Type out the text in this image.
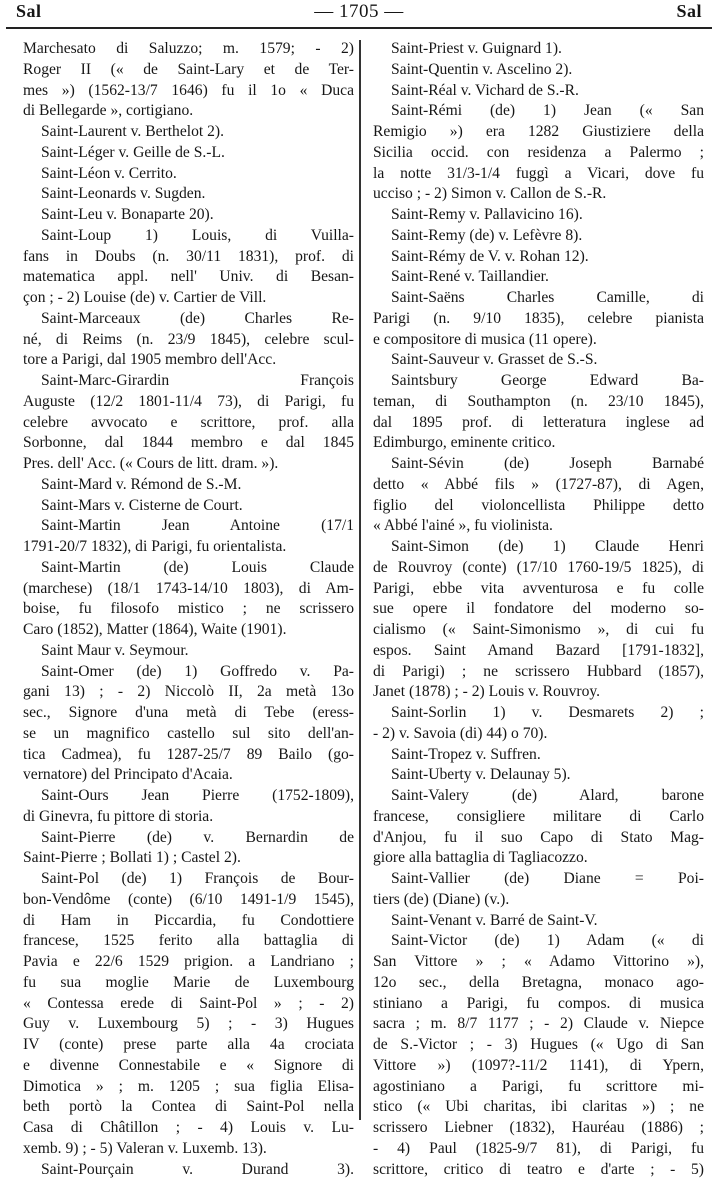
Sal	— 1705 —	Sal
Marchesato di Saluzzo; m. 1579; - 2)
Roger II (« de Saint-Lary et de Ter-
mes ») (1562-13/7 1646) fu il 1o « Duca
di Bellegarde », cortigiano.
Saint-Laurent v. Berthelot 2).
Saint-Léger v. Geille de S.-L.
Saint-Léon v. Cerrito.
Saint-Leonards v. Sugden.
Saint-Leu v. Bonaparte 20).
Saint-Loup 1) Louis, di Vuilla-
fans in Doubs (n. 30/11 1831), prof. di
matematica appl. nell' Univ. di Besan-
çon ; - 2) Louise (de) v. Cartier de Vill.
Saint-Marceaux (de) Charles Re-
né, di Reims (n. 23/9 1845), celebre scul-
tore a Parigi, dal 1905 membro dell'Acc.
Saint-Marc-Girardin François
Auguste (12/2 1801-11/4 73), di Parigi, fu
celebre avvocato e scrittore, prof. alla
Sorbonne, dal 1844 membro e dal 1845
Pres. dell' Acc. (« Cours de litt. dram. »).
Saint-Mard v. Rémond de S.-M.
Saint-Mars v. Cisterne de Court.
Saint-Martin Jean Antoine (17/1
1791-20/7 1832), di Parigi, fu orientalista.
Saint-Martin (de) Louis Claude
(marchese) (18/1 1743-14/10 1803), di Am-
boise, fu filosofo mistico ; ne scrissero
Caro (1852), Matter (1864), Waite (1901).
Saint Maur v. Seymour.
Saint-Omer (de) 1) Goffredo v. Pa-
gani 13) ; - 2) Niccolò II, 2a metà 13o
sec., Signore d'una metà di Tebe (eress-
se un magnifico castello sul sito dell'an-
tica Cadmea), fu 1287-25/7 89 Bailo (go-
vernatore) del Principato d'Acaia.
Saint-Ours Jean Pierre (1752-1809),
di Ginevra, fu pittore di storia.
Saint-Pierre (de) v. Bernardin de
Saint-Pierre ; Bollati 1) ; Castel 2).
Saint-Pol (de) 1) François de Bour-
bon-Vendôme (conte) (6/10 1491-1/9 1545),
di Ham in Piccardia, fu Condottiere
francese, 1525 ferito alla battaglia di
Pavia e 22/6 1529 prigion. a Landriano ;
fu sua moglie Marie de Luxembourg
« Contessa erede di Saint-Pol » ; - 2)
Guy v. Luxembourg 5) ; - 3) Hugues
IV (conte) prese parte alla 4a crociata
e divenne Connestabile e « Signore di
Dimotica » ; m. 1205 ; sua figlia Elisa-
beth portò la Contea di Saint-Pol nella
Casa di Châtillon ; - 4) Louis v. Lu-
xemb. 9) ; - 5) Valeran v. Luxemb. 13).
Saint-Pourçain v. Durand 3).
Saint-Priest v. Guignard 1).
Saint-Quentin v. Ascelino 2).
Saint-Réal v. Vichard de S.-R.
Saint-Rémi (de) 1) Jean (« San
Remigio ») era 1282 Giustiziere della
Sicilia occid. con residenza a Palermo ;
la notte 31/3-1/4 fuggì a Vicari, dove fu
ucciso ; - 2) Simon v. Callon de S.-R.
Saint-Remy v. Pallavicino 16).
Saint-Remy (de) v. Lefèvre 8).
Saint-Rémy de V. v. Rohan 12).
Saint-René v. Taillandier.
Saint-Saëns Charles Camille, di
Parigi (n. 9/10 1835), celebre pianista
e compositore di musica (11 opere).
Saint-Sauveur v. Grasset de S.-S.
Saintsbury George Edward Ba-
teman, di Southampton (n. 23/10 1845),
dal 1895 prof. di letteratura inglese ad
Edimburgo, eminente critico.
Saint-Sévin (de) Joseph Barnabé
detto « Abbé fils » (1727-87), di Agen,
figlio del violoncellista Philippe detto
« Abbé l'ainé », fu violinista.
Saint-Simon (de) 1) Claude Henri
de Rouvroy (conte) (17/10 1760-19/5 1825), di
Parigi, ebbe vita avventurosa e fu colle
sue opere il fondatore del moderno so-
cialismo (« Saint-Simonismo », di cui fu
espos. Saint Amand Bazard [1791-1832],
di Parigi) ; ne scrissero Hubbard (1857),
Janet (1878) ; - 2) Louis v. Rouvroy.
Saint-Sorlin 1) v. Desmarets 2) ;
- 2) v. Savoia (di) 44) o 70).
Saint-Tropez v. Suffren.
Saint-Uberty v. Delaunay 5).
Saint-Valery (de) Alard, barone
francese, consigliere militare di Carlo
d'Anjou, fu il suo Capo di Stato Mag-
giore alla battaglia di Tagliacozzo.
Saint-Vallier (de) Diane = Poi-
tiers (de) (Diane) (v.).
Saint-Venant v. Barré de Saint-V.
Saint-Victor (de) 1) Adam (« di
San Vittore » ; « Adamo Vittorino »),
12o sec., della Bretagna, monaco ago-
stiniano a Parigi, fu compos. di musica
sacra ; m. 8/7 1177 ; - 2) Claude v. Niepce
de S.-Victor ; - 3) Hugues (« Ugo di San
Vittore ») (1097?-11/2 1141), di Ypern,
agostiniano a Parigi, fu scrittore mi-
stico (« Ubi charitas, ibi claritas ») ; ne
scrissero Liebner (1832), Hauréau (1886) ;
- 4) Paul (1825-9/7 81), di Parigi, fu
scrittore, critico di teatro e d'arte ; - 5)
